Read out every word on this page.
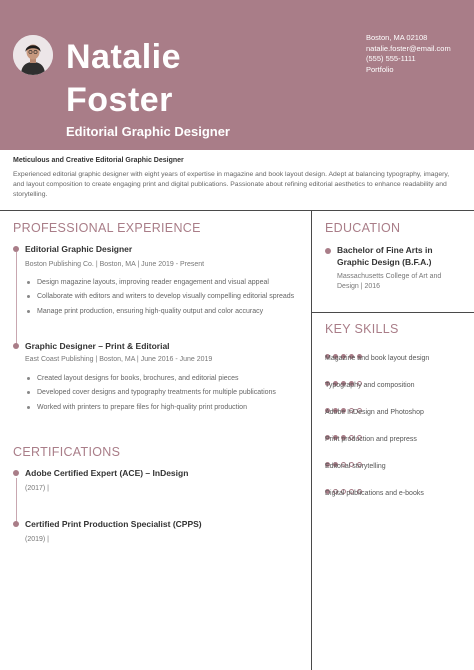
Natalie
Foster
Editorial Graphic Designer
Boston, MA 02108
natalie.foster@email.com
(555) 555-1111
Portfolio
Meticulous and Creative Editorial Graphic Designer
Experienced editorial graphic designer with eight years of expertise in magazine and book layout design. Adept at balancing typography, imagery, and layout composition to create engaging print and digital publications. Passionate about refining editorial aesthetics to enhance readability and storytelling.
PROFESSIONAL EXPERIENCE
Editorial Graphic Designer
Boston Publishing Co. | Boston, MA | June 2019 - Present
Design magazine layouts, improving reader engagement and visual appeal
Collaborate with editors and writers to develop visually compelling editorial spreads
Manage print production, ensuring high-quality output and color accuracy
Graphic Designer – Print & Editorial
East Coast Publishing | Boston, MA | June 2016 - June 2019
Created layout designs for books, brochures, and editorial pieces
Developed cover designs and typography treatments for multiple publications
Worked with printers to prepare files for high-quality print production
CERTIFICATIONS
Adobe Certified Expert (ACE) – InDesign
(2017) |
Certified Print Production Specialist (CPPS)
(2019) |
EDUCATION
Bachelor of Fine Arts in Graphic Design (B.F.A.)
Massachusetts College of Art and Design | 2016
KEY SKILLS
Magazine and book layout design
Typography and composition
Adobe InDesign and Photoshop
Print production and prepress
Editorial storytelling
Digital publications and e-books
